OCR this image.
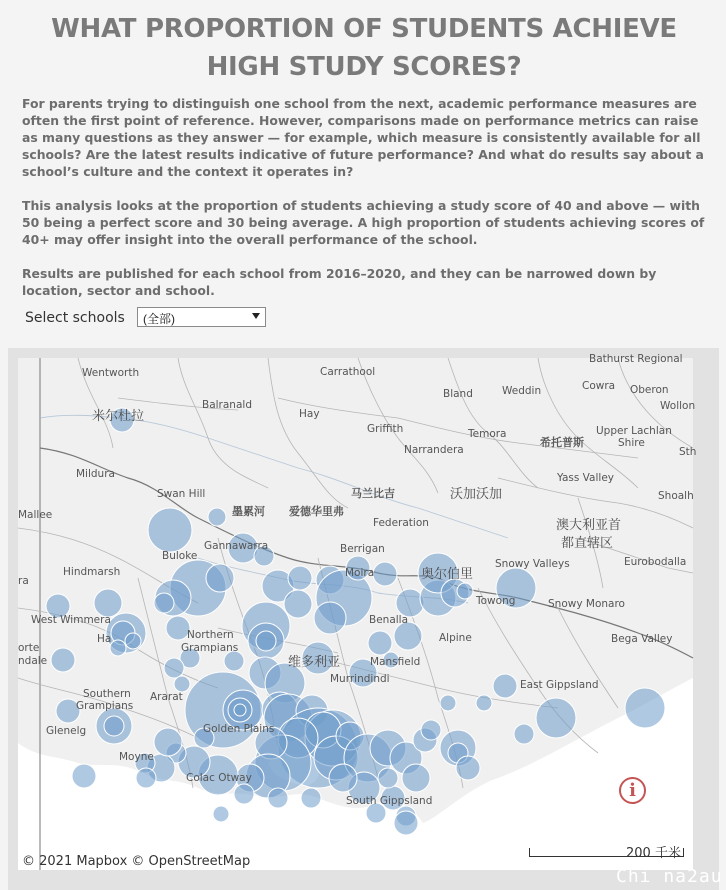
WHAT PROPORTION OF STUDENTS ACHIEVE HIGH STUDY SCORES?

For parents trying to distinguish one school from the next, academic performance measures are often the first point of reference. However, comparisons made on performance metrics can raise as many questions as they answer — for example, which measure is consistently available for all schools? Are the latest results indicative of future performance? And what do results say about a school’s culture and the context it operates in?

This analysis looks at the proportion of students achieving a study score of 40 and above — with 50 being a perfect score and 30 being average. A high proportion of students achieving scores of 40+ may offer insight into the overall performance of the school.

Results are published for each school from 2016–2020, and they can be narrowed down by location, sector and school.

Select schools	(全部)
Wentworth
米尔杜拉
Balranald
Hay
Carrathool
Bland
Cowra Oberon
Bathurst Regional
Weddin
Wollon
Griffith	Temora	Upper Lachlan
Shire
Narrandera
希托普斯
Sth
Mildura
Swan Hill
墨累河 爱德华里弗
马兰比吉	沃加沃加
Yass Valley
Shoalh
澳大利亚首
都直辖区
Mallee
Federation
Berrigan
Gannawarra
Buloke
Moira	奥尔伯里
Snowy Valleys	Eurobodalla
Hindmarsh
ra
Towong	Snowy Monaro
West Wimmera	Benalla
Alpine
Northern
Grampians
Bega Valley
Ha
orte
ndale	维多利亚	Mansfield
Murrindindi
Southern
Grampians
Ararat
East Gippsland
Glenelg	Golden Plains
Moyne
Colac Otway
South Gippsland	i
© 2021 Mapbox © OpenStreetMap
200 千米
Chi na2au
